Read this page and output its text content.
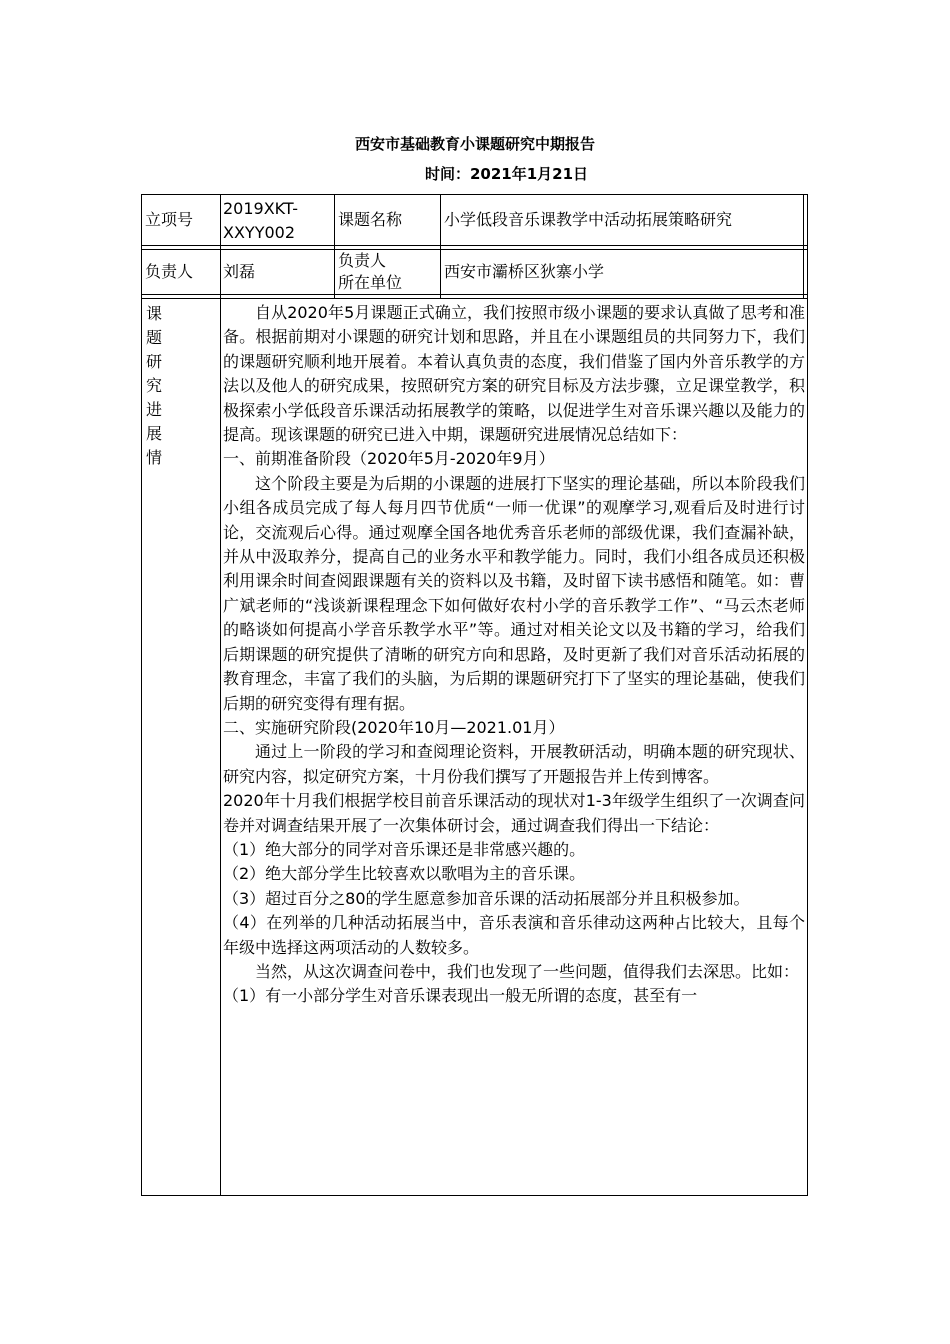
西安市基础教育小课题研究中期报告
时间：2021年1月21日
立项号
2019XKT-
XXYY002
课题名称	小学低段音乐课教学中活动拓展策略研究
负责人 刘磊
负责人
所在单位
西安市灞桥区狄寨小学
课
题
研
究
进
展
情

自从2020年5月课题正式确立，我们按照市级小课题的要求认真做了思考和准备。根据前期对小课题的研究计划和思路，并且在小课题组员的共同努力下，我们的课题研究顺利地开展着。本着认真负责的态度，我们借鉴了国内外音乐教学的方法以及他人的研究成果，按照研究方案的研究目标及方法步骤，立足课堂教学，积极探索小学低段音乐课活动拓展教学的策略，以促进学生对音乐课兴趣以及能力的提高。现该课题的研究已进入中期，课题研究进展情况总结如下：

一、前期准备阶段（2020年5月-2020年9月）

这个阶段主要是为后期的小课题的进展打下坚实的理论基础，所以本阶段我们小组各成员完成了每人每月四节优质“一师一优课”的观摩学习,观看后及时进行讨论，交流观后心得。通过观摩全国各地优秀音乐老师的部级优课，我们查漏补缺，并从中汲取养分，提高自己的业务水平和教学能力。同时，我们小组各成员还积极利用课余时间查阅跟课题有关的资料以及书籍，及时留下读书感悟和随笔。如：曹广斌老师的“浅谈新课程理念下如何做好农村小学的音乐教学工作”、“马云杰老师的略谈如何提高小学音乐教学水平”等。通过对相关论文以及书籍的学习，给我们后期课题的研究提供了清晰的研究方向和思路，及时更新了我们对音乐活动拓展的教育理念，丰富了我们的头脑，为后期的课题研究打下了坚实的理论基础，使我们后期的研究变得有理有据。

二、实施研究阶段(2020年10月—2021.01月）

通过上一阶段的学习和查阅理论资料，开展教研活动，明确本题的研究现状、研究内容，拟定研究方案，十月份我们撰写了开题报告并上传到博客。

2020年十月我们根据学校目前音乐课活动的现状对1-3年级学生组织了一次调查问卷并对调查结果开展了一次集体研讨会，通过调查我们得出一下结论：

（1）绝大部分的同学对音乐课还是非常感兴趣的。

（2）绝大部分学生比较喜欢以歌唱为主的音乐课。

（3）超过百分之80的学生愿意参加音乐课的活动拓展部分并且积极参加。

（4）在列举的几种活动拓展当中，音乐表演和音乐律动这两种占比较大，且每个年级中选择这两项活动的人数较多。

当然，从这次调查问卷中，我们也发现了一些问题，值得我们去深思。比如：

（1）有一小部分学生对音乐课表现出一般无所谓的态度，甚至有一
